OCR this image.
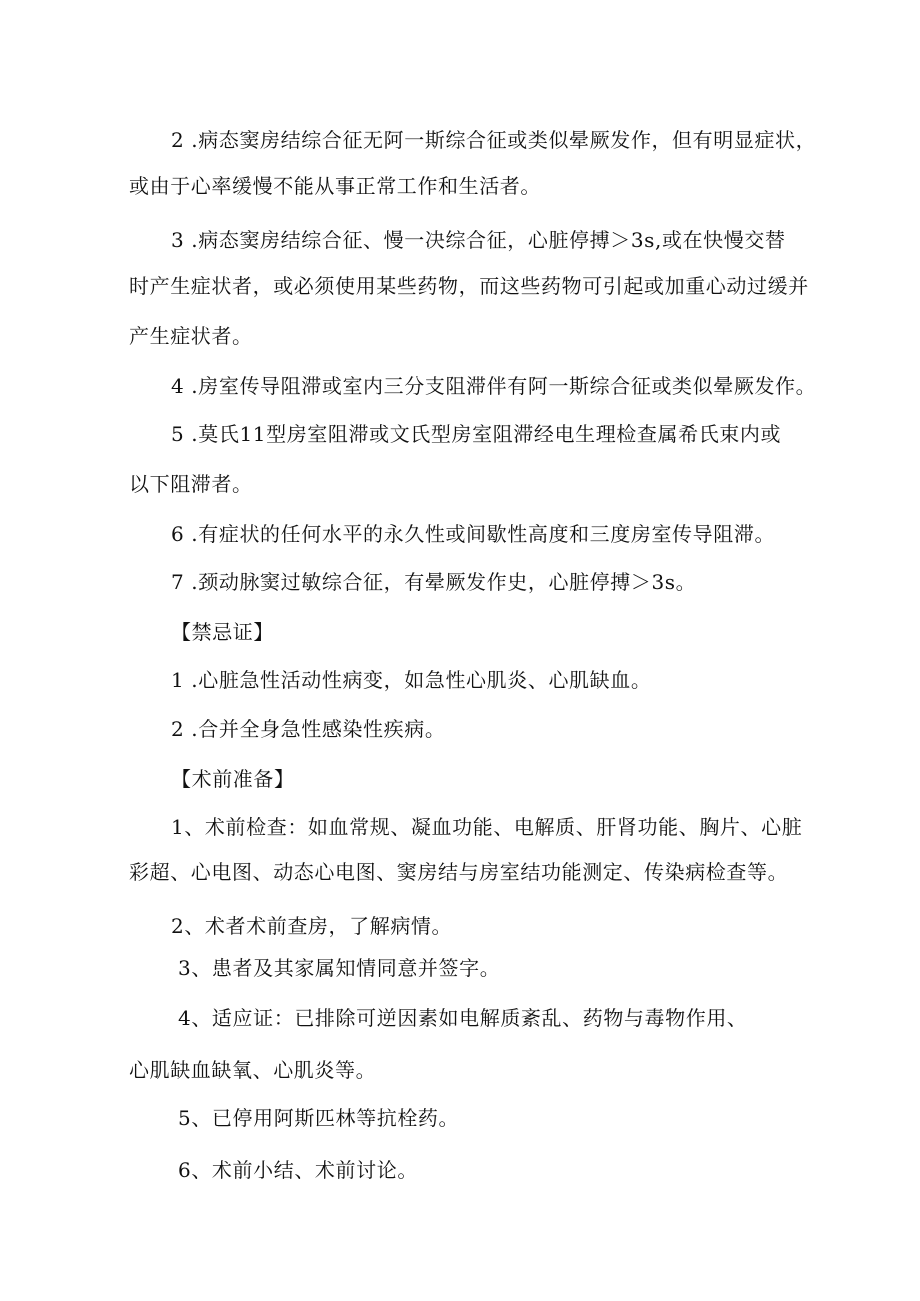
2 .病态窦房结综合征无阿一斯综合征或类似晕厥发作，但有明显症状，
或由于心率缓慢不能从事正常工作和生活者。
3 .病态窦房结综合征、慢一决综合征，心脏停搏＞3s,或在快慢交替
时产生症状者，或必须使用某些药物，而这些药物可引起或加重心动过缓并
产生症状者。
4 .房室传导阻滞或室内三分支阻滞伴有阿一斯综合征或类似晕厥发作。
5 .莫氏11型房室阻滞或文氏型房室阻滞经电生理检查属希氏束内或
以下阻滞者。
6 .有症状的任何水平的永久性或间歇性高度和三度房室传导阻滞。
7 .颈动脉窦过敏综合征，有晕厥发作史，心脏停搏＞3s。
【禁忌证】
1 .心脏急性活动性病变，如急性心肌炎、心肌缺血。
2 .合并全身急性感染性疾病。
【术前准备】
1、术前检查：如血常规、凝血功能、电解质、肝肾功能、胸片、心脏
彩超、心电图、动态心电图、窦房结与房室结功能测定、传染病检查等。
2、术者术前查房，了解病情。
3、患者及其家属知情同意并签字。
4、适应证：已排除可逆因素如电解质紊乱、药物与毒物作用、
心肌缺血缺氧、心肌炎等。
5、已停用阿斯匹林等抗栓药。
6、术前小结、术前讨论。
